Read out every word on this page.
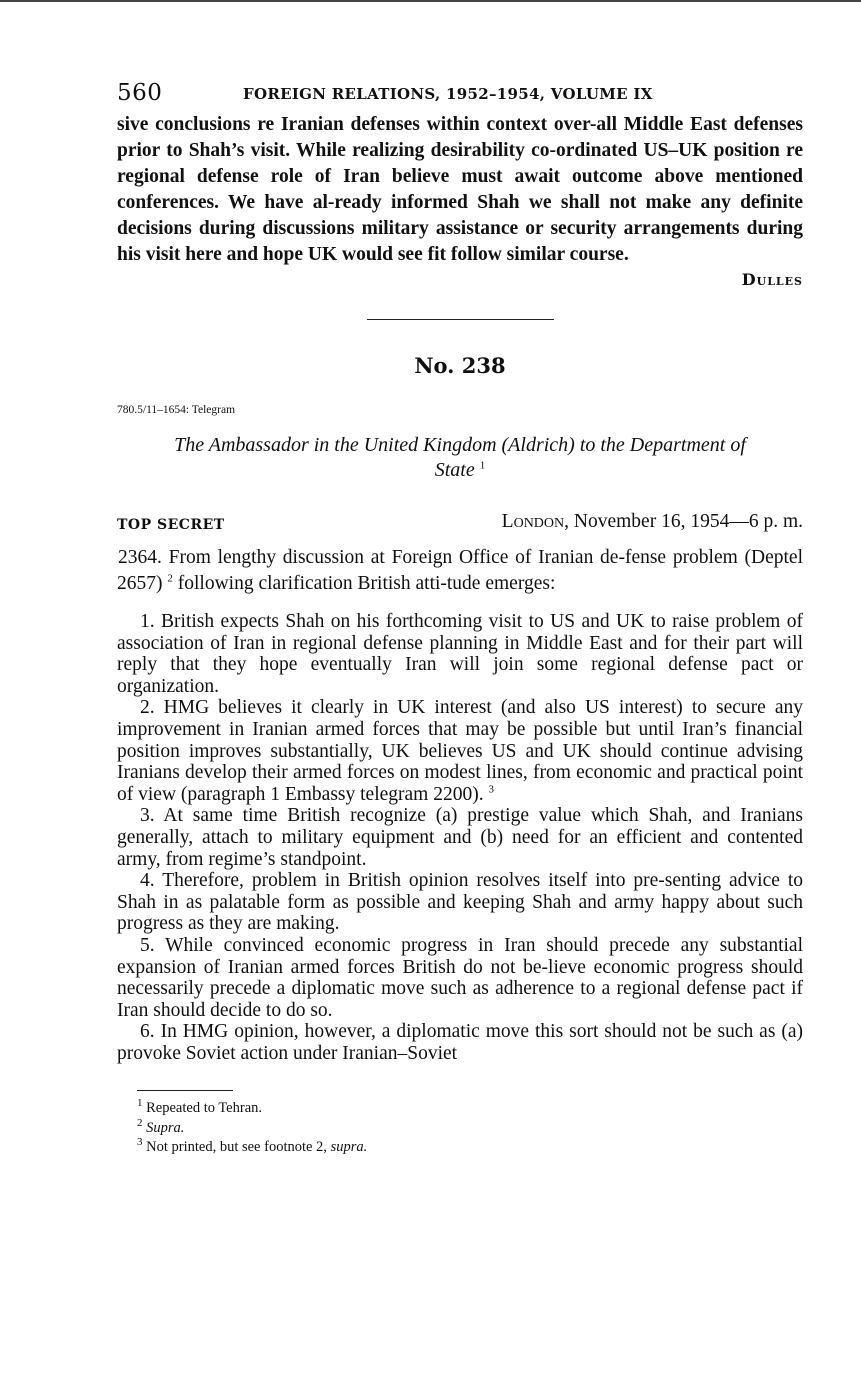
560	FOREIGN RELATIONS, 1952–1954, VOLUME IX

sive conclusions re Iranian defenses within context over-all Middle East defenses prior to Shah’s visit. While realizing desirability co-ordinated US–UK position re regional defense role of Iran believe must await outcome above mentioned conferences. We have al-ready informed Shah we shall not make any definite decisions during discussions military assistance or security arrangements during his visit here and hope UK would see fit follow similar course.

Dulles
No. 238
780.5/11–1654: Telegram
The Ambassador in the United Kingdom (Aldrich) to the Department of State $^1$
TOP SECRET	London, November 16, 1954—6 p. m.

2364. From lengthy discussion at Foreign Office of Iranian de-fense problem (Deptel 2657) $^2$ following clarification British atti-tude emerges:

1. British expects Shah on his forthcoming visit to US and UK to raise problem of association of Iran in regional defense planning in Middle East and for their part will reply that they hope eventually Iran will join some regional defense pact or organization.

2. HMG believes it clearly in UK interest (and also US interest) to secure any improvement in Iranian armed forces that may be possible but until Iran’s financial position improves substantially, UK believes US and UK should continue advising Iranians develop their armed forces on modest lines, from economic and practical point of view (paragraph 1 Embassy telegram 2200). $^3$

3. At same time British recognize (a) prestige value which Shah, and Iranians generally, attach to military equipment and (b) need for an efficient and contented army, from regime’s standpoint.

4. Therefore, problem in British opinion resolves itself into pre-senting advice to Shah in as palatable form as possible and keeping Shah and army happy about such progress as they are making.

5. While convinced economic progress in Iran should precede any substantial expansion of Iranian armed forces British do not be-lieve economic progress should necessarily precede a diplomatic move such as adherence to a regional defense pact if Iran should decide to do so.

6. In HMG opinion, however, a diplomatic move this sort should not be such as (a) provoke Soviet action under Iranian–Soviet

$^1$ Repeated to Tehran.
$^2$ Supra.
$^3$ Not printed, but see footnote 2, supra.
